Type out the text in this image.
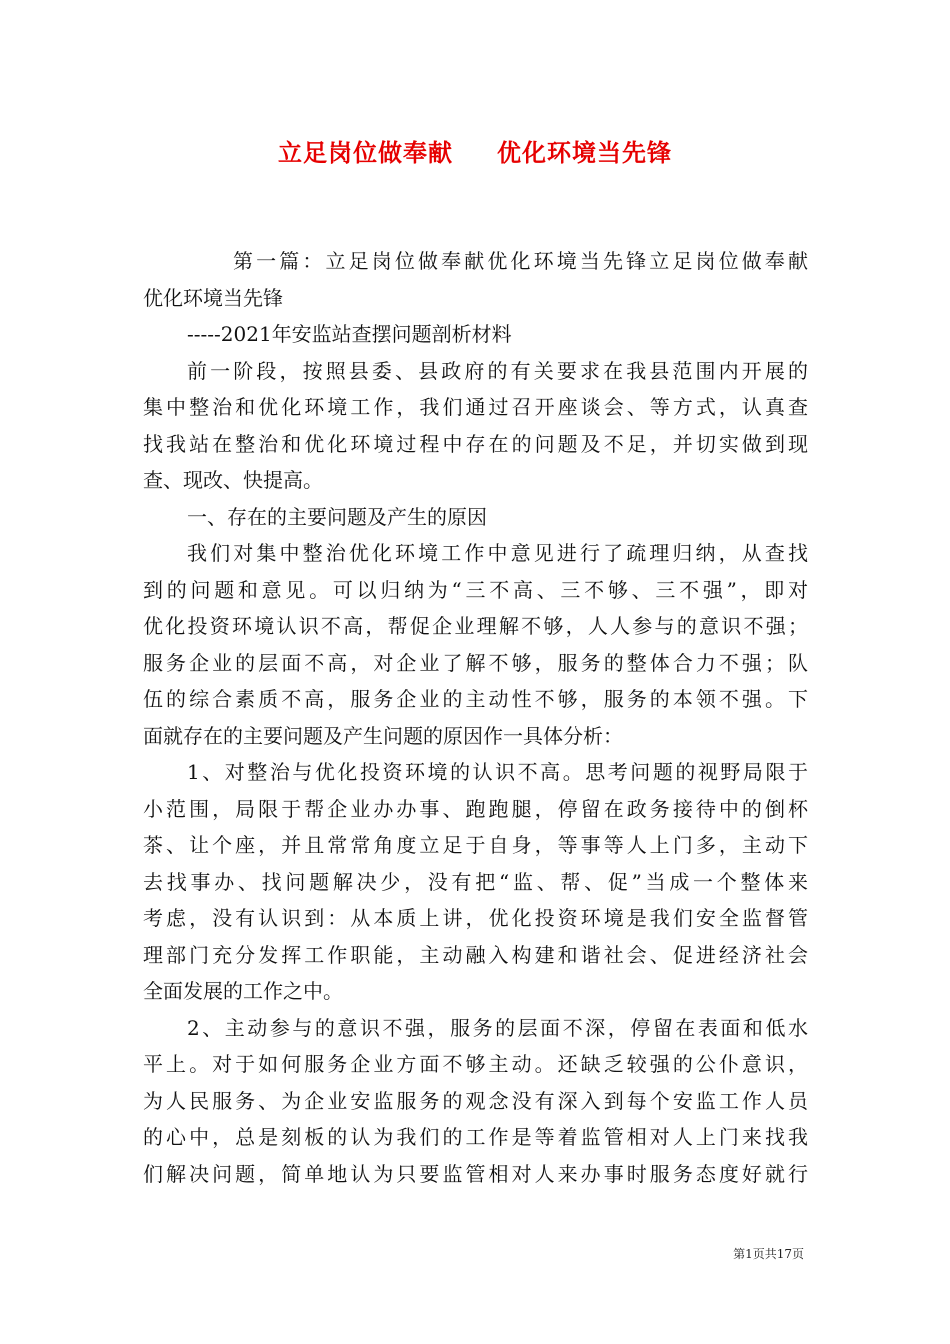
立足岗位做奉献 优化环境当先锋
第一篇：立足岗位做奉献优化环境当先锋立足岗位做奉献
优化环境当先锋
-----2021年安监站查摆问题剖析材料
前一阶段，按照县委、县政府的有关要求在我县范围内开展的
集中整治和优化环境工作，我们通过召开座谈会、等方式，认真查
找我站在整治和优化环境过程中存在的问题及不足，并切实做到现
查、现改、快提高。
一、存在的主要问题及产生的原因
我们对集中整治优化环境工作中意见进行了疏理归纳，从查找
到的问题和意见。可以归纳为“三不高、三不够、三不强”，即对
优化投资环境认识不高，帮促企业理解不够，人人参与的意识不强；
服务企业的层面不高，对企业了解不够，服务的整体合力不强；队
伍的综合素质不高，服务企业的主动性不够，服务的本领不强。下
面就存在的主要问题及产生问题的原因作一具体分析：
1、对整治与优化投资环境的认识不高。思考问题的视野局限于
小范围，局限于帮企业办办事、跑跑腿，停留在政务接待中的倒杯
茶、让个座，并且常常角度立足于自身，等事等人上门多，主动下
去找事办、找问题解决少，没有把“监、帮、促”当成一个整体来
考虑，没有认识到：从本质上讲，优化投资环境是我们安全监督管
理部门充分发挥工作职能，主动融入构建和谐社会、促进经济社会
全面发展的工作之中。
2、主动参与的意识不强，服务的层面不深，停留在表面和低水
平上。对于如何服务企业方面不够主动。还缺乏较强的公仆意识，
为人民服务、为企业安监服务的观念没有深入到每个安监工作人员
的心中，总是刻板的认为我们的工作是等着监管相对人上门来找我
们解决问题，简单地认为只要监管相对人来办事时服务态度好就行
第1页共17页
